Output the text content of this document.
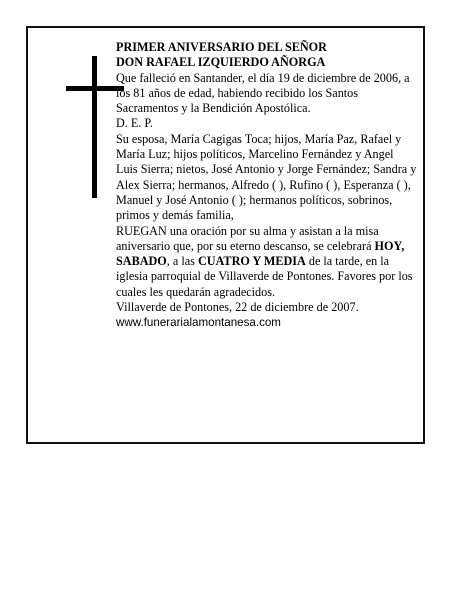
PRIMER ANIVERSARIO DEL SEÑOR

DON RAFAEL IZQUIERDO AÑORGA

Que falleció en Santander, el día 19 de diciembre de 2006, a los 81 años de edad, habiendo recibido los Santos Sacramentos y la Bendición Apostólica.

D. E. P.

Su esposa, María Cagigas Toca; hijos, María Paz, Rafael y María Luz; hijos políticos, Marcelino Fernández y Angel Luis Sierra; nietos, José Antonio y Jorge Fernández; Sandra y Alex Sierra; hermanos, Alfredo ( ), Rufino ( ), Esperanza ( ), Manuel y José Antonio ( ); hermanos políticos, sobrinos, primos y demás familia,

RUEGAN una oración por su alma y asistan a la misa aniversario que, por su eterno descanso, se celebrará HOY, SABADO, a las CUATRO Y MEDIA de la tarde, en la iglesia parroquial de Villaverde de Pontones. Favores por los cuales les quedarán agradecidos.

Villaverde de Pontones, 22 de diciembre de 2007.

www.funerarialamontanesa.com
